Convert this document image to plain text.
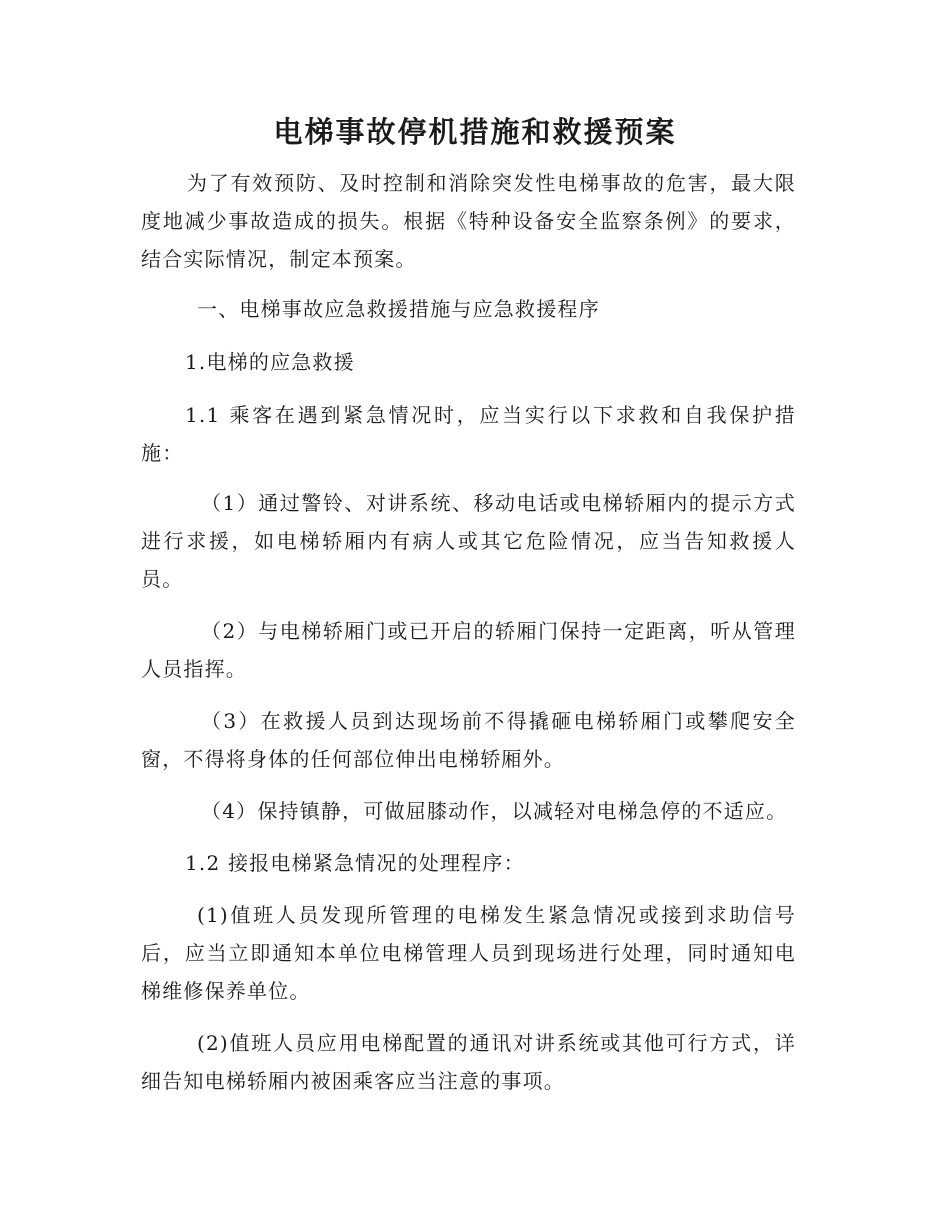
电梯事故停机措施和救援预案

为了有效预防、及时控制和消除突发性电梯事故的危害，最大限度地减少事故造成的损失。根据《特种设备安全监察条例》的要求，结合实际情况，制定本预案。

一、电梯事故应急救援措施与应急救援程序

1.电梯的应急救援

1.1 乘客在遇到紧急情况时，应当实行以下求救和自我保护措施：

（1）通过警铃、对讲系统、移动电话或电梯轿厢内的提示方式进行求援，如电梯轿厢内有病人或其它危险情况，应当告知救援人员。

（2）与电梯轿厢门或已开启的轿厢门保持一定距离，听从管理人员指挥。

（3）在救援人员到达现场前不得撬砸电梯轿厢门或攀爬安全窗，不得将身体的任何部位伸出电梯轿厢外。

（4）保持镇静，可做屈膝动作，以减轻对电梯急停的不适应。

1.2 接报电梯紧急情况的处理程序：

(1)值班人员发现所管理的电梯发生紧急情况或接到求助信号后，应当立即通知本单位电梯管理人员到现场进行处理，同时通知电梯维修保养单位。

(2)值班人员应用电梯配置的通讯对讲系统或其他可行方式，详细告知电梯轿厢内被困乘客应当注意的事项。
